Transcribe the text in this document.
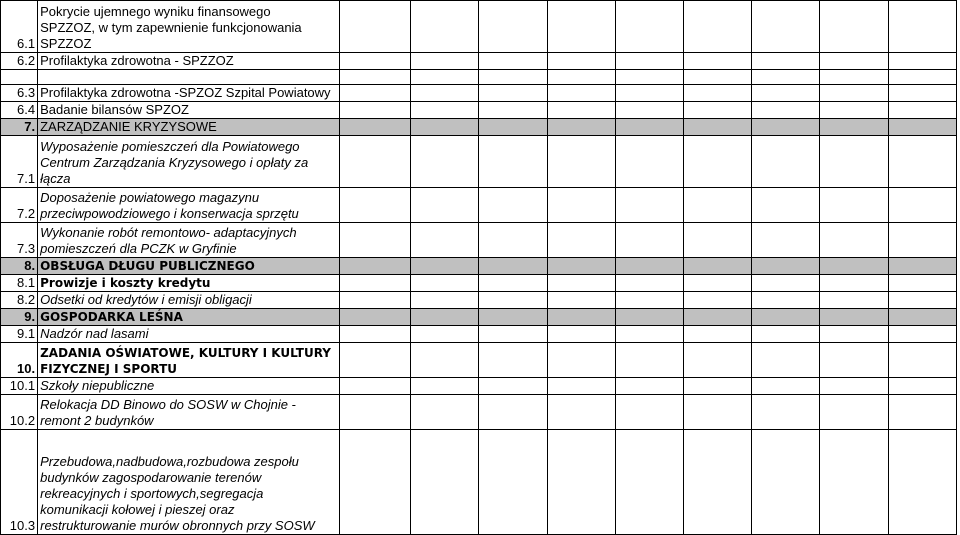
6.1	Pokrycie ujemnego wyniku finansowego
SPZZOZ, w tym zapewnienie funkcjonowania
SPZZOZ									
6.2	Profilaktyka zdrowotna - SPZZOZ									

6.3	Profilaktyka zdrowotna -SPZOZ Szpital Powiatowy									
6.4	Badanie bilansów SPZOZ									
7.	ZARZĄDZANIE KRYZYSOWE									
7.1	Wyposażenie pomieszczeń dla Powiatowego
Centrum Zarządzania Kryzysowego i opłaty za
łącza									
7.2	Doposażenie powiatowego magazynu
przeciwpowodziowego i konserwacja sprzętu									
7.3	Wykonanie robót remontowo- adaptacyjnych
pomieszczeń dla PCZK w Gryfinie									
8.	OBSŁUGA DŁUGU PUBLICZNEGO									
8.1	Prowizje i koszty kredytu									
8.2	Odsetki od kredytów i emisji obligacji									
9.	GOSPODARKA LEŚNA									
9.1	Nadzór nad lasami									
10.	ZADANIA OŚWIATOWE, KULTURY I KULTURY
FIZYCZNEJ I SPORTU									
10.1	Szkoły niepubliczne									
10.2	Relokacja DD Binowo do SOSW w Chojnie -
remont 2 budynków									
10.3	Przebudowa,nadbudowa,rozbudowa zespołu
budynków zagospodarowanie terenów
rekreacyjnych i sportowych,segregacja
komunikacji kołowej i pieszej oraz
restrukturowanie murów obronnych przy SOSW									
